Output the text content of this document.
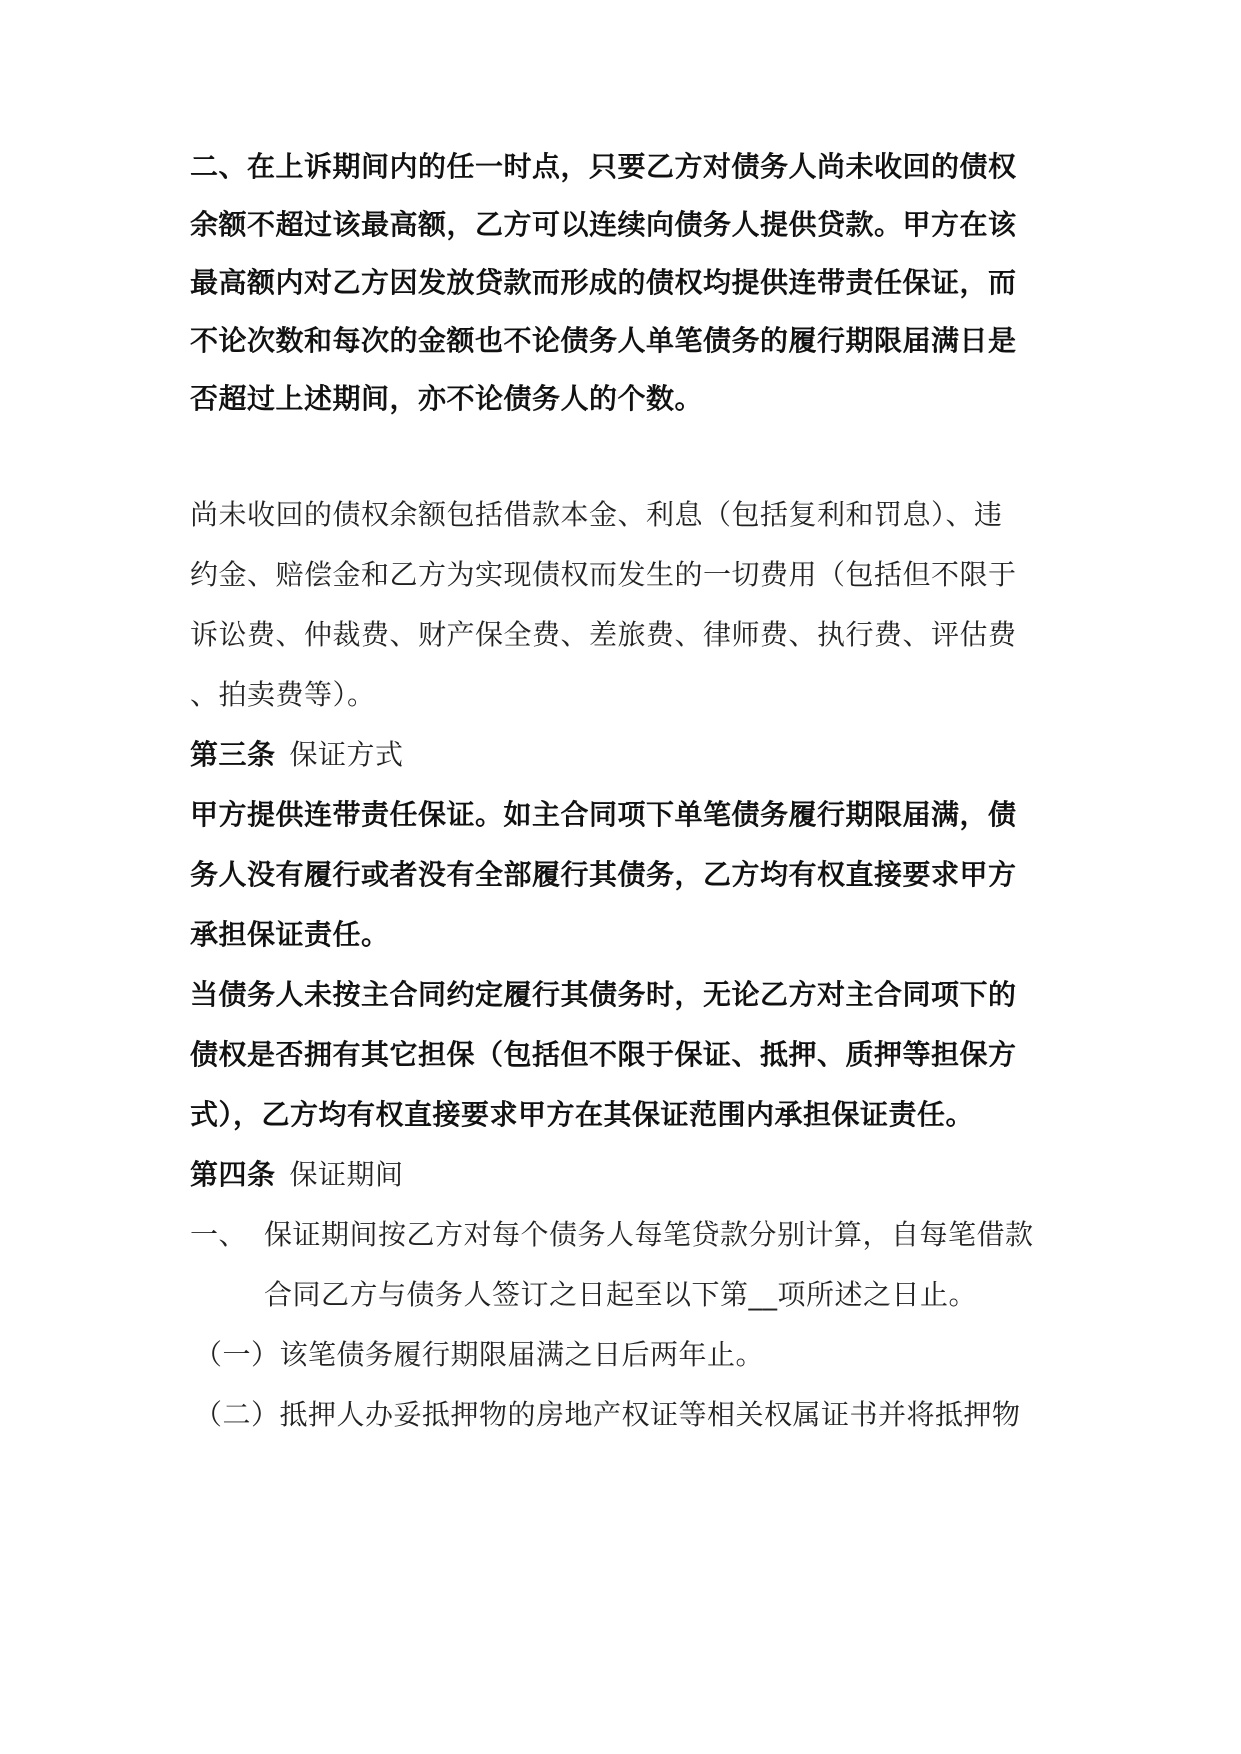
二、在上诉期间内的任一时点，只要乙方对债务人尚未收回的债权
余额不超过该最高额，乙方可以连续向债务人提供贷款。甲方在该
最高额内对乙方因发放贷款而形成的债权均提供连带责任保证，而
不论次数和每次的金额也不论债务人单笔债务的履行期限届满日是
否超过上述期间，亦不论债务人的个数。
尚未收回的债权余额包括借款本金、利息（包括复利和罚息）、违
约金、赔偿金和乙方为实现债权而发生的一切费用（包括但不限于
诉讼费、仲裁费、财产保全费、差旅费、律师费、执行费、评估费
、拍卖费等）。
第三条 保证方式
甲方提供连带责任保证。如主合同项下单笔债务履行期限届满，债
务人没有履行或者没有全部履行其债务，乙方均有权直接要求甲方
承担保证责任。
当债务人未按主合同约定履行其债务时，无论乙方对主合同项下的
债权是否拥有其它担保（包括但不限于保证、抵押、质押等担保方
式），乙方均有权直接要求甲方在其保证范围内承担保证责任。
第四条 保证期间
一、 保证期间按乙方对每个债务人每笔贷款分别计算，自每笔借款
合同乙方与债务人签订之日起至以下第__项所述之日止。
（一）该笔债务履行期限届满之日后两年止。
（二）抵押人办妥抵押物的房地产权证等相关权属证书并将抵押物
